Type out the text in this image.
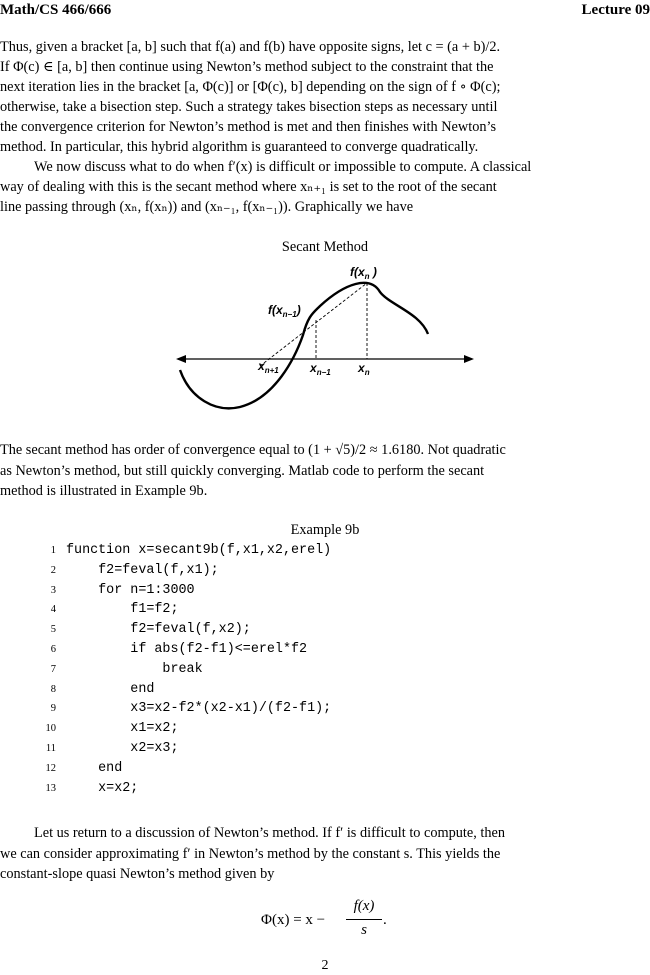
Math/CS 466/666	Lecture 09
Thus, given a bracket [a, b] such that f(a) and f(b) have opposite signs, let c = (a + b)/2.
If Φ(c) ∈ [a, b] then continue using Newton’s method subject to the constraint that the
next iteration lies in the bracket [a, Φ(c)] or [Φ(c), b] depending on the sign of f ∘ Φ(c);
otherwise, take a bisection step. Such a strategy takes bisection steps as necessary until
the convergence criterion for Newton’s method is met and then finishes with Newton’s
method. In particular, this hybrid algorithm is guaranteed to converge quadratically.
We now discuss what to do when f′(x) is difficult or impossible to compute. A classical
way of dealing with this is the secant method where xₙ₊₁ is set to the root of the secant
line passing through (xₙ, f(xₙ)) and (xₙ₋₁, f(xₙ₋₁)). Graphically we have
Secant Method
$f(x_n$ )
$f(x_{n-1})$
$x_{n+1}$	$x_{n-1}$ $x_n$
The secant method has order of convergence equal to (1 + √5)/2 ≈ 1.6180. Not quadratic
as Newton’s method, but still quickly converging. Matlab code to perform the secant
method is illustrated in Example 9b.
Example 9b
1 function x=secant9b(f,x1,x2,erel)
2 f2=feval(f,x1);
3 for n=1:3000
4 f1=f2;
5 f2=feval(f,x2);
6 if abs(f2-f1)<=erel*f2
7 break
8 end
9 x3=x2-f2*(x2-x1)/(f2-f1);
10 x1=x2;
11 x2=x3;
12 end
13 x=x2;
Let us return to a discussion of Newton’s method. If f′ is difficult to compute, then
we can consider approximating f′ in Newton’s method by the constant s. This yields the
constant-slope quasi Newton’s method given by
Φ(x) = x −
f(x)
s
.
2
